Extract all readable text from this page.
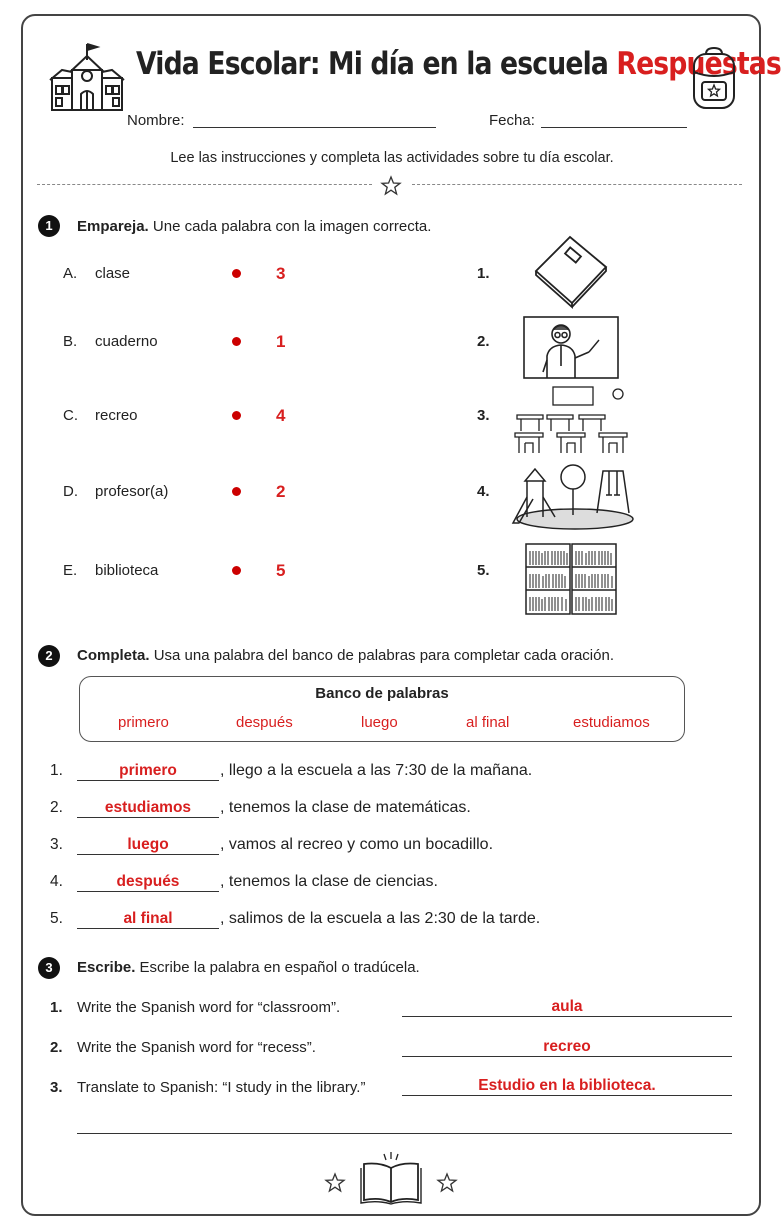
Vida Escolar: Mi día en la escuela Respuestas
Nombre:	Fecha:
Lee las instrucciones y completa las actividades sobre tu día escolar.
1	Empareja. Une cada palabra con la imagen correcta.
A. clase	3
B. cuaderno	1
C. recreo	4
D. profesor(a)	2
E. biblioteca	5
1.
2.
3.
4.
5.
2	Completa. Usa una palabra del banco de palabras para completar cada oración.
Banco de palabras
primero	después	luego	al final	estudiamos
1.	primero	, llego a la escuela a las 7:30 de la mañana.
2.	estudiamos	, tenemos la clase de matemáticas.
3.	luego	, vamos al recreo y como un bocadillo.
4.	después	, tenemos la clase de ciencias.
5.	al final	, salimos de la escuela a las 2:30 de la tarde.
3	Escribe. Escribe la palabra en español o tradúcela.
1. Write the Spanish word for “classroom”.	aula
2. Write the Spanish word for “recess”.	recreo
3. Translate to Spanish: “I study in the library.”	Estudio en la biblioteca.
